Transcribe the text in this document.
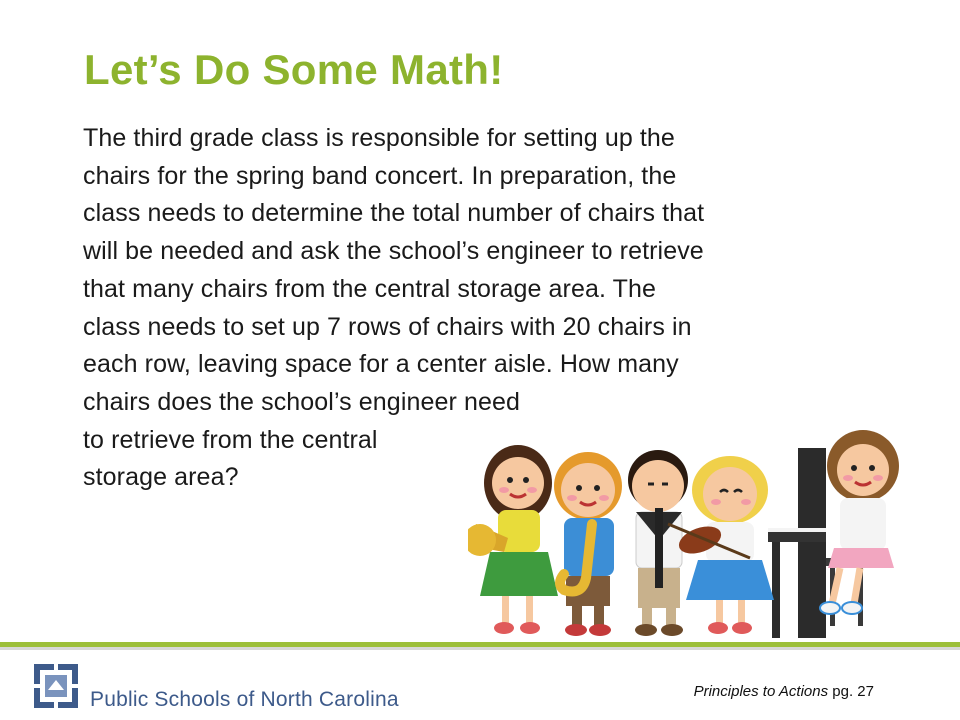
Let’s Do Some Math!

The third grade class is responsible for setting up the
chairs for the spring band concert. In preparation, the
class needs to determine the total number of chairs that
will be needed and ask the school’s engineer to retrieve
that many chairs from the central storage area. The
class needs to set up 7 rows of chairs with 20 chairs in
each row, leaving space for a center aisle. How many
chairs does the school’s engineer need
to retrieve from the central
storage area?

Public Schools of North Carolina	Principles to Actions pg. 27
